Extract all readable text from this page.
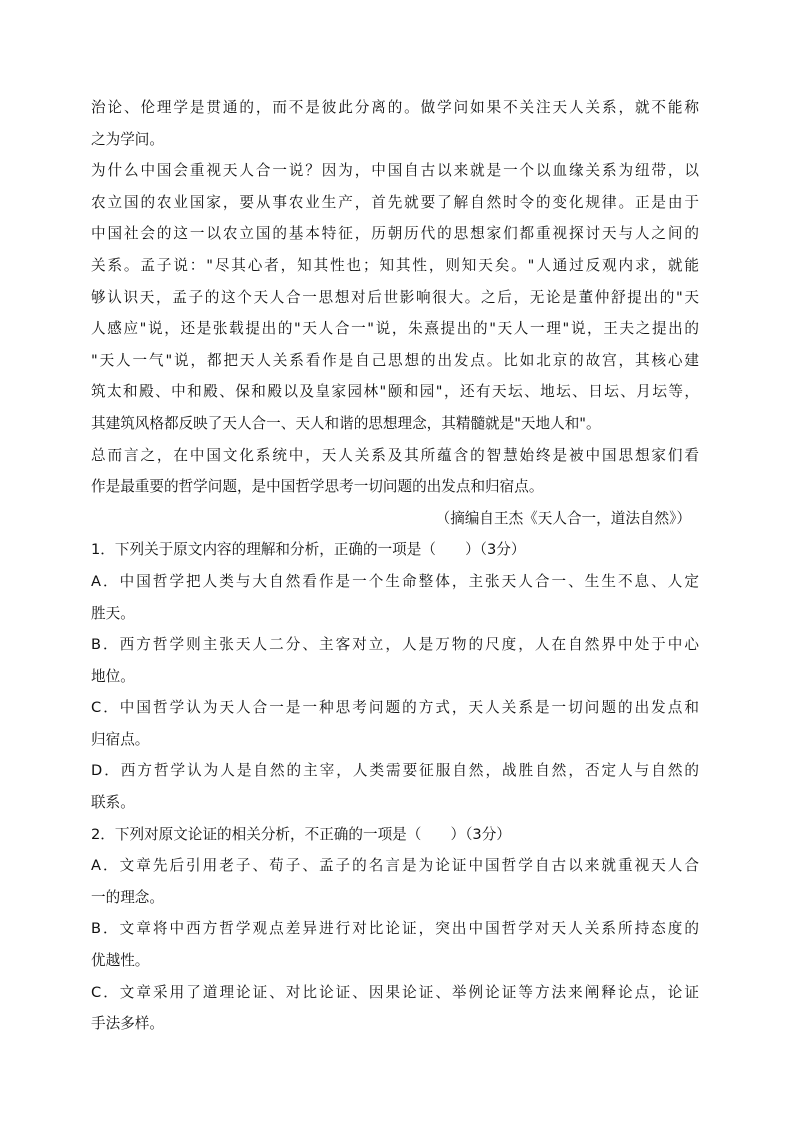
治论、伦理学是贯通的，而不是彼此分离的。做学问如果不关注天人关系，就不能称
之为学问。
为什么中国会重视天人合一说？因为，中国自古以来就是一个以血缘关系为纽带，以
农立国的农业国家，要从事农业生产，首先就要了解自然时令的变化规律。正是由于
中国社会的这一以农立国的基本特征，历朝历代的思想家们都重视探讨天与人之间的
关系。孟子说："尽其心者，知其性也；知其性，则知天矣。"人通过反观内求，就能
够认识天，孟子的这个天人合一思想对后世影响很大。之后，无论是董仲舒提出的"天
人感应"说，还是张载提出的"天人合一"说，朱熹提出的"天人一理"说，王夫之提出的
"天人一气"说，都把天人关系看作是自己思想的出发点。比如北京的故宫，其核心建
筑太和殿、中和殿、保和殿以及皇家园林"颐和园"，还有天坛、地坛、日坛、月坛等，
其建筑风格都反映了天人合一、天人和谐的思想理念，其精髓就是"天地人和"。
总而言之，在中国文化系统中，天人关系及其所蕴含的智慧始终是被中国思想家们看
作是最重要的哲学问题，是中国哲学思考一切问题的出发点和归宿点。
（摘编自王杰《天人合一，道法自然》）
1．下列关于原文内容的理解和分析，正确的一项是（　　）（3分）
A．中国哲学把人类与大自然看作是一个生命整体，主张天人合一、生生不息、人定
胜天。
B．西方哲学则主张天人二分、主客对立，人是万物的尺度，人在自然界中处于中心
地位。
C．中国哲学认为天人合一是一种思考问题的方式，天人关系是一切问题的出发点和
归宿点。
D．西方哲学认为人是自然的主宰，人类需要征服自然，战胜自然，否定人与自然的
联系。
2．下列对原文论证的相关分析，不正确的一项是（　　）（3分）
A．文章先后引用老子、荀子、孟子的名言是为论证中国哲学自古以来就重视天人合
一的理念。
B．文章将中西方哲学观点差异进行对比论证，突出中国哲学对天人关系所持态度的
优越性。
C．文章采用了道理论证、对比论证、因果论证、举例论证等方法来阐释论点，论证
手法多样。
